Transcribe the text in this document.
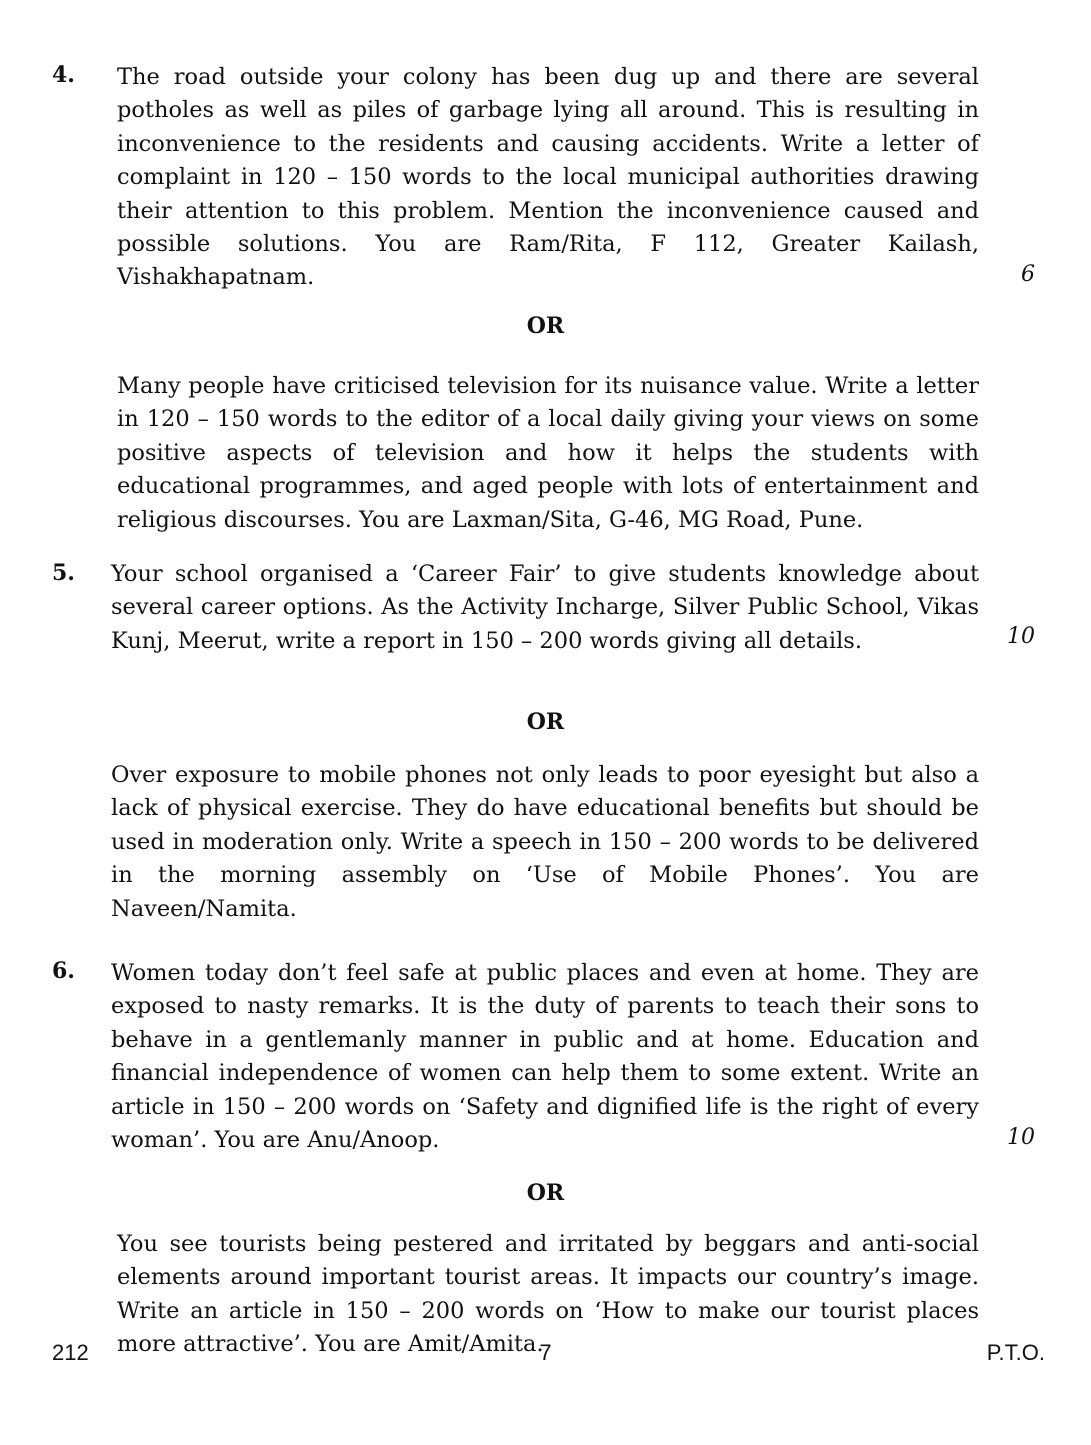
4. The road outside your colony has been dug up and there are several potholes as well as piles of garbage lying all around. This is resulting in inconvenience to the residents and causing accidents. Write a letter of complaint in 120 – 150 words to the local municipal authorities drawing their attention to this problem. Mention the inconvenience caused and possible solutions. You are Ram/Rita, F 112, Greater Kailash, Vishakhapatnam.	6
OR
Many people have criticised television for its nuisance value. Write a letter in 120 – 150 words to the editor of a local daily giving your views on some positive aspects of television and how it helps the students with educational programmes, and aged people with lots of entertainment and religious discourses. You are Laxman/Sita, G-46, MG Road, Pune.
5. Your school organised a ‘Career Fair’ to give students knowledge about several career options. As the Activity Incharge, Silver Public School, Vikas Kunj, Meerut, write a report in 150 – 200 words giving all details.	10
OR
Over exposure to mobile phones not only leads to poor eyesight but also a lack of physical exercise. They do have educational benefits but should be used in moderation only. Write a speech in 150 – 200 words to be delivered in the morning assembly on ‘Use of Mobile Phones’. You are Naveen/Namita.
6. Women today don’t feel safe at public places and even at home. They are exposed to nasty remarks. It is the duty of parents to teach their sons to behave in a gentlemanly manner in public and at home. Education and financial independence of women can help them to some extent. Write an article in 150 – 200 words on ‘Safety and dignified life is the right of every woman’. You are Anu/Anoop.	10
OR
You see tourists being pestered and irritated by beggars and anti-social elements around important tourist areas. It impacts our country’s image. Write an article in 150 – 200 words on ‘How to make our tourist places more attractive’. You are Amit/Amita.
212	7	P.T.O.
